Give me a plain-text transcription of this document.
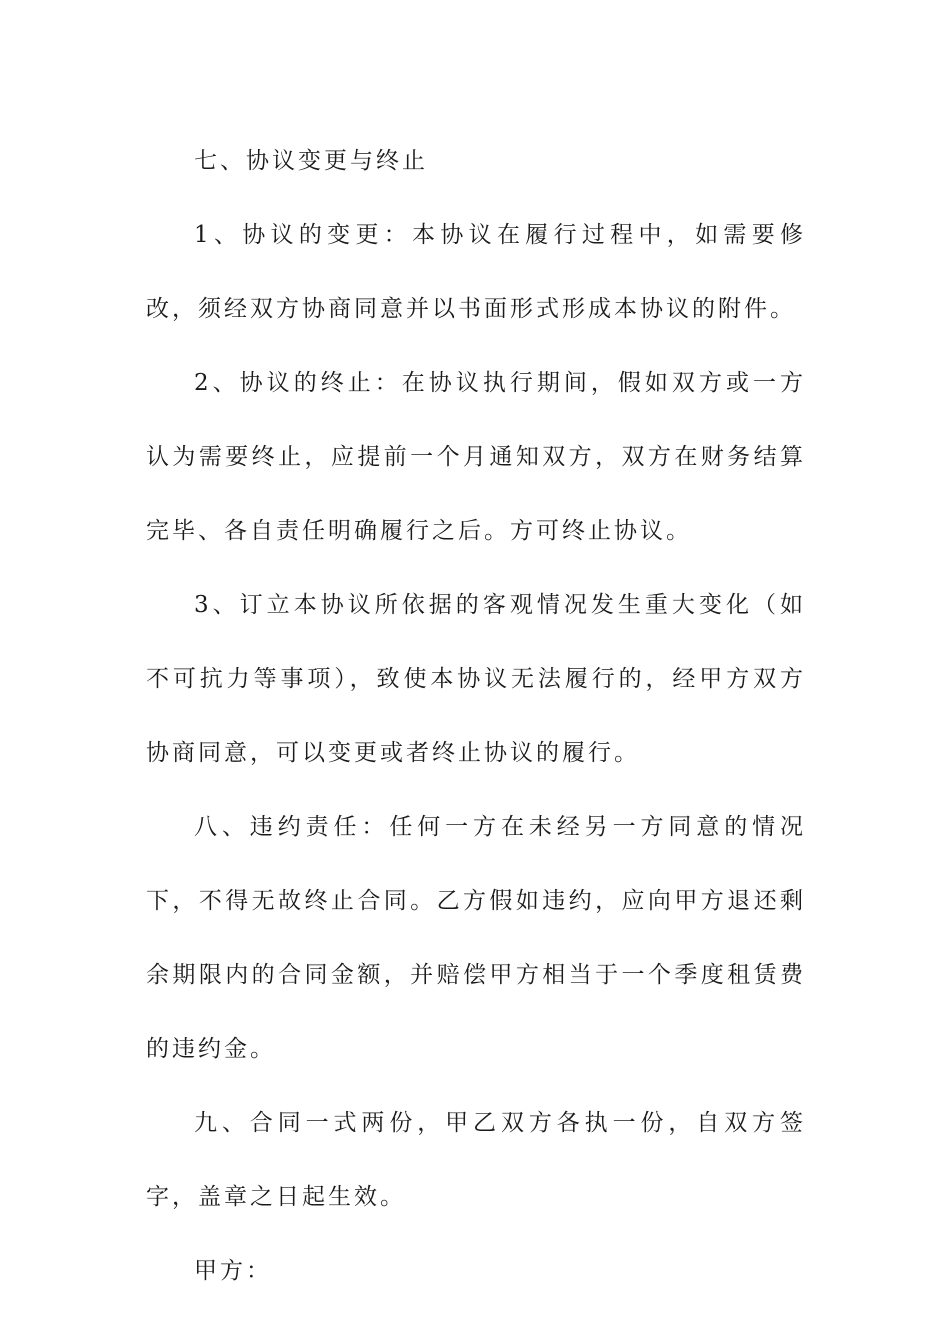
七、协议变更与终止

1、协议的变更：本协议在履行过程中，如需要修改，须经双方协商同意并以书面形式形成本协议的附件。

2、协议的终止：在协议执行期间，假如双方或一方认为需要终止，应提前一个月通知双方，双方在财务结算完毕、各自责任明确履行之后。方可终止协议。

3、订立本协议所依据的客观情况发生重大变化（如不可抗力等事项），致使本协议无法履行的，经甲方双方协商同意，可以变更或者终止协议的履行。

八、违约责任：任何一方在未经另一方同意的情况下，不得无故终止合同。乙方假如违约，应向甲方退还剩余期限内的合同金额，并赔偿甲方相当于一个季度租赁费的违约金。

九、合同一式两份，甲乙双方各执一份，自双方签字，盖章之日起生效。

甲方：
